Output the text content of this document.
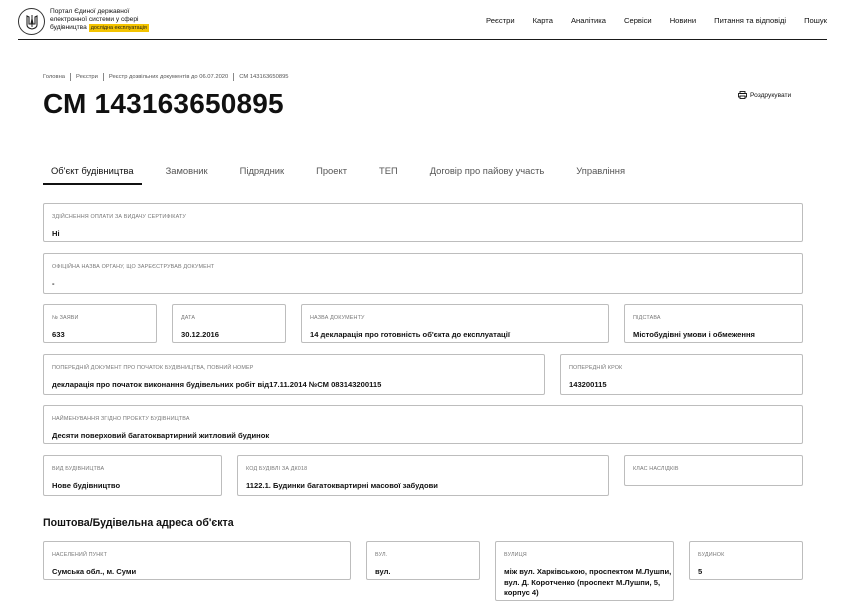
Портал Єдиної державної
електронної системи у сфері
будівництва дослідна експлуатація
Реєстри Карта Аналітика Сервіси Новини Питання та відповіді Пошук
Головна Реєстри Реєстр дозвільних документів до 06.07.2020 СМ 143163650895
СМ 143163650895	Роздрукувати
Об'єкт будівництва	Замовник	Підрядник	Проект	ТЕП	Договір про пайову участь	Управління
ЗДІЙСНЕННЯ ОПЛАТИ ЗА ВИДАЧУ СЕРТИФІКАТУ
Ні
ОФІЦІЙНА НАЗВА ОРГАНУ, ЩО ЗАРЕЄСТРУВАВ ДОКУМЕНТ
-
№ ЗАЯВИ
633
ДАТА
30.12.2016
НАЗВА ДОКУМЕНТУ
14 декларація про готовність об'єкта до експлуатації
ПІДСТАВА
Містобудівні умови і обмеження
ПОПЕРЕДНІЙ ДОКУМЕНТ ПРО ПОЧАТОК БУДІВНИЦТВА, ПОВНИЙ НОМЕР
декларація про початок виконання будівельних робіт від17.11.2014 №СМ 083143200115
ПОПЕРЕДНІЙ КРОК
143200115
НАЙМЕНУВАННЯ ЗГІДНО ПРОЕКТУ БУДІВНИЦТВА
Десяти поверховий багатоквартирний житловий будинок
ВИД БУДІВНИЦТВА
Нове будівництво
КОД БУДІВЛІ ЗА ДК018
1122.1. Будинки багатоквартирні масової забудови
КЛАС НАСЛІДКІВ
Поштова/Будівельна адреса об'єкта
НАСЕЛЕНИЙ ПУНКТ
Сумська обл., м. Суми
ВУЛ.
вул.
ВУЛИЦЯ
між вул. Харківською, проспектом М.Лушпи, вул. Д. Коротченко (проспект М.Лушпи, 5, корпус 4)
БУДИНОК
5
